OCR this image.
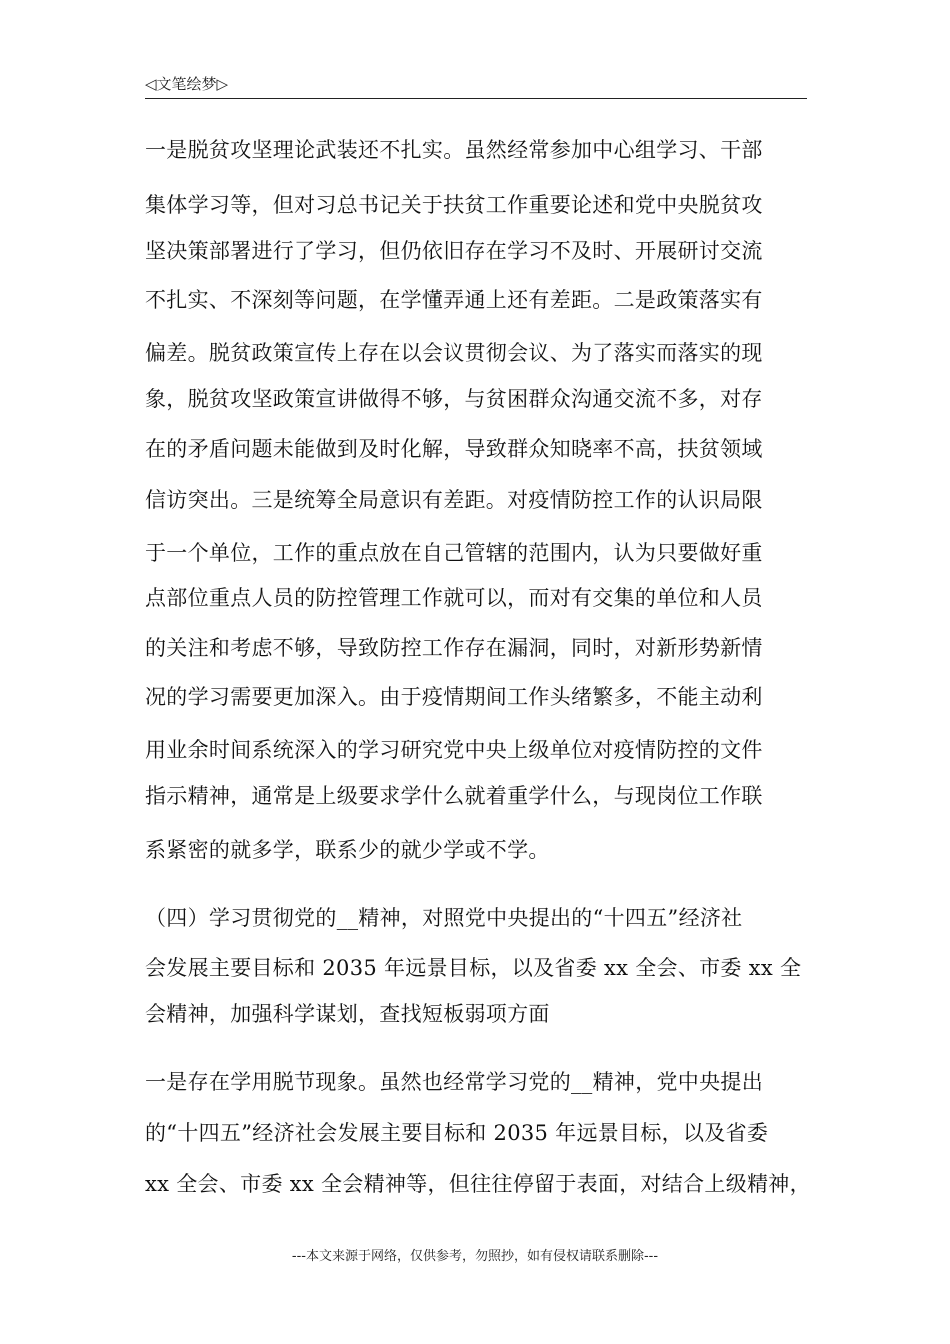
◁文笔绘梦▷
一是脱贫攻坚理论武装还不扎实。虽然经常参加中心组学习、干部
集体学习等，但对习总书记关于扶贫工作重要论述和党中央脱贫攻
坚决策部署进行了学习，但仍依旧存在学习不及时、开展研讨交流
不扎实、不深刻等问题，在学懂弄通上还有差距。二是政策落实有
偏差。脱贫政策宣传上存在以会议贯彻会议、为了落实而落实的现
象，脱贫攻坚政策宣讲做得不够，与贫困群众沟通交流不多，对存
在的矛盾问题未能做到及时化解，导致群众知晓率不高，扶贫领域
信访突出。三是统筹全局意识有差距。对疫情防控工作的认识局限
于一个单位，工作的重点放在自己管辖的范围内，认为只要做好重
点部位重点人员的防控管理工作就可以，而对有交集的单位和人员
的关注和考虑不够，导致防控工作存在漏洞，同时，对新形势新情
况的学习需要更加深入。由于疫情期间工作头绪繁多，不能主动利
用业余时间系统深入的学习研究党中央上级单位对疫情防控的文件
指示精神，通常是上级要求学什么就着重学什么，与现岗位工作联
系紧密的就多学，联系少的就少学或不学。
（四）学习贯彻党的__精神，对照党中央提出的“十四五”经济社
会发展主要目标和 2035 年远景目标，以及省委 xx 全会、市委 xx 全
会精神，加强科学谋划，查找短板弱项方面
一是存在学用脱节现象。虽然也经常学习党的__精神，党中央提出
的“十四五”经济社会发展主要目标和 2035 年远景目标，以及省委
xx 全会、市委 xx 全会精神等，但往往停留于表面，对结合上级精神，
---本文来源于网络，仅供参考，勿照抄，如有侵权请联系删除---
